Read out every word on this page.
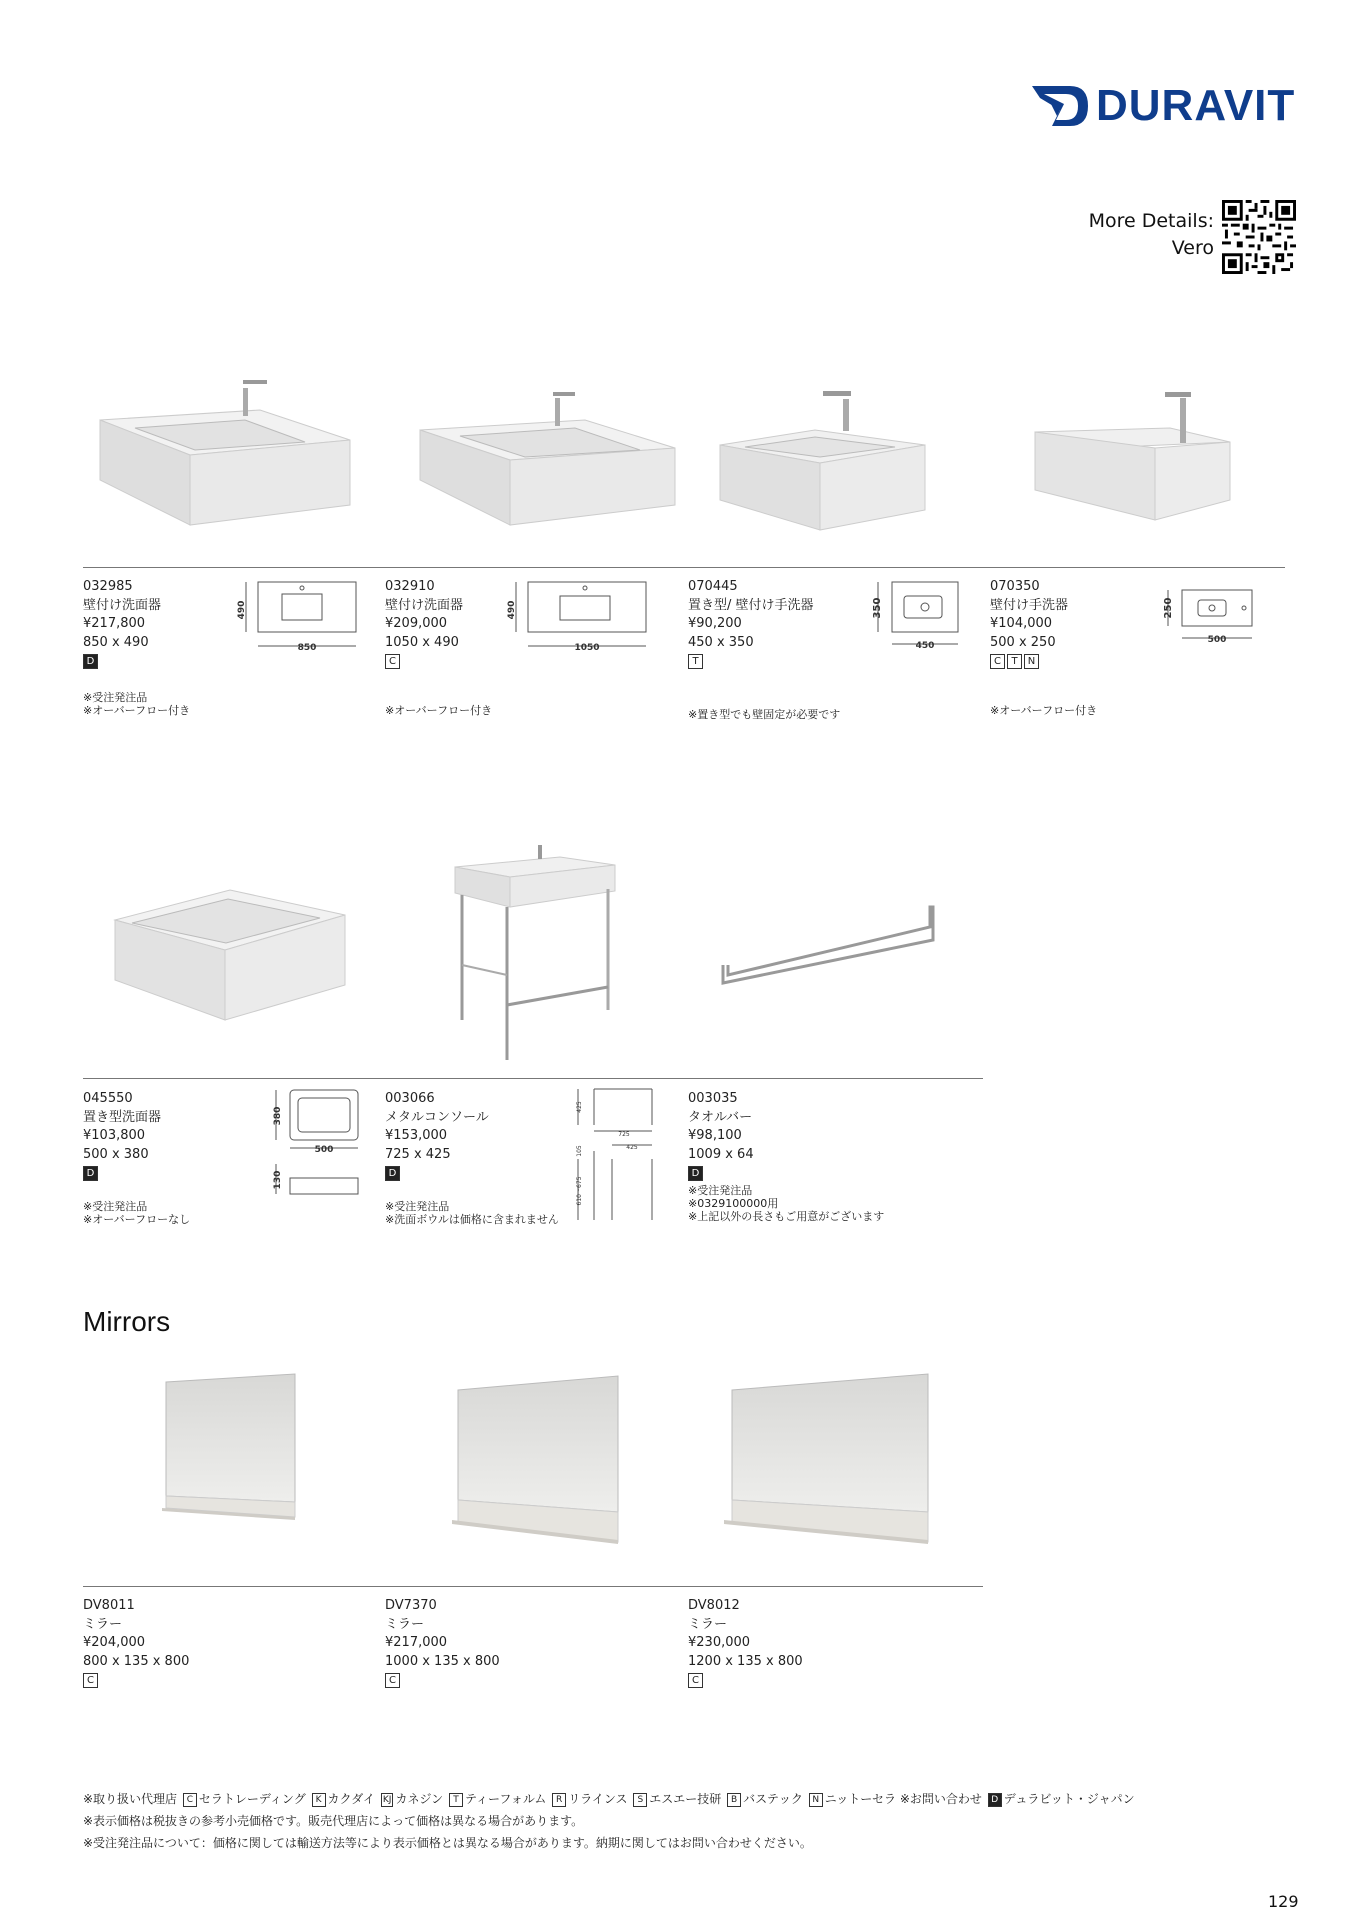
DURAVIT
More Details:
Vero
032985
壁付け洗面器
¥217,800
850 x 490
D
※受注発注品
※オーバーフロー付き
032910
壁付け洗面器
¥209,000
1050 x 490
C
※オーバーフロー付き
070445
置き型/ 壁付け手洗器
¥90,200
450 x 350
T
※置き型でも壁固定が必要です
070350
壁付け手洗器
¥104,000
500 x 250
C	T	N
※オーバーフロー付き
490
850
490
1050
350
450
250
500
045550
置き型洗面器
¥103,800
500 x 380
D
※受注発注品
※オーバーフローなし
003066
メタルコンソール
¥153,000
725 x 425
D
※受注発注品
※洗面ボウルは価格に含まれません
003035
タオルバー
¥98,100
1009 x 64
D
※受注発注品
※0329100000用
※上記以外の長さもご用意がございます
380
500
130
425
725
425
105
610～675
Mirrors
DV8011
ミラー
¥204,000
800 x 135 x 800
C
DV7370
ミラー
¥217,000
1000 x 135 x 800
C
DV8012
ミラー
¥230,000
1200 x 135 x 800
C
※取り扱い代理店 C セラトレーディング K カクダイ KJ カネジン T ティーフォルム R リラインス S エスエー技研 B バステック N ニットーセラ ※お問い合わせ D デュラビット・ジャパン
※表示価格は税抜きの参考小売価格です。販売代理店によって価格は異なる場合があります。
※受注発注品について：価格に関しては輸送方法等により表示価格とは異なる場合があります。納期に関してはお問い合わせください。
129
